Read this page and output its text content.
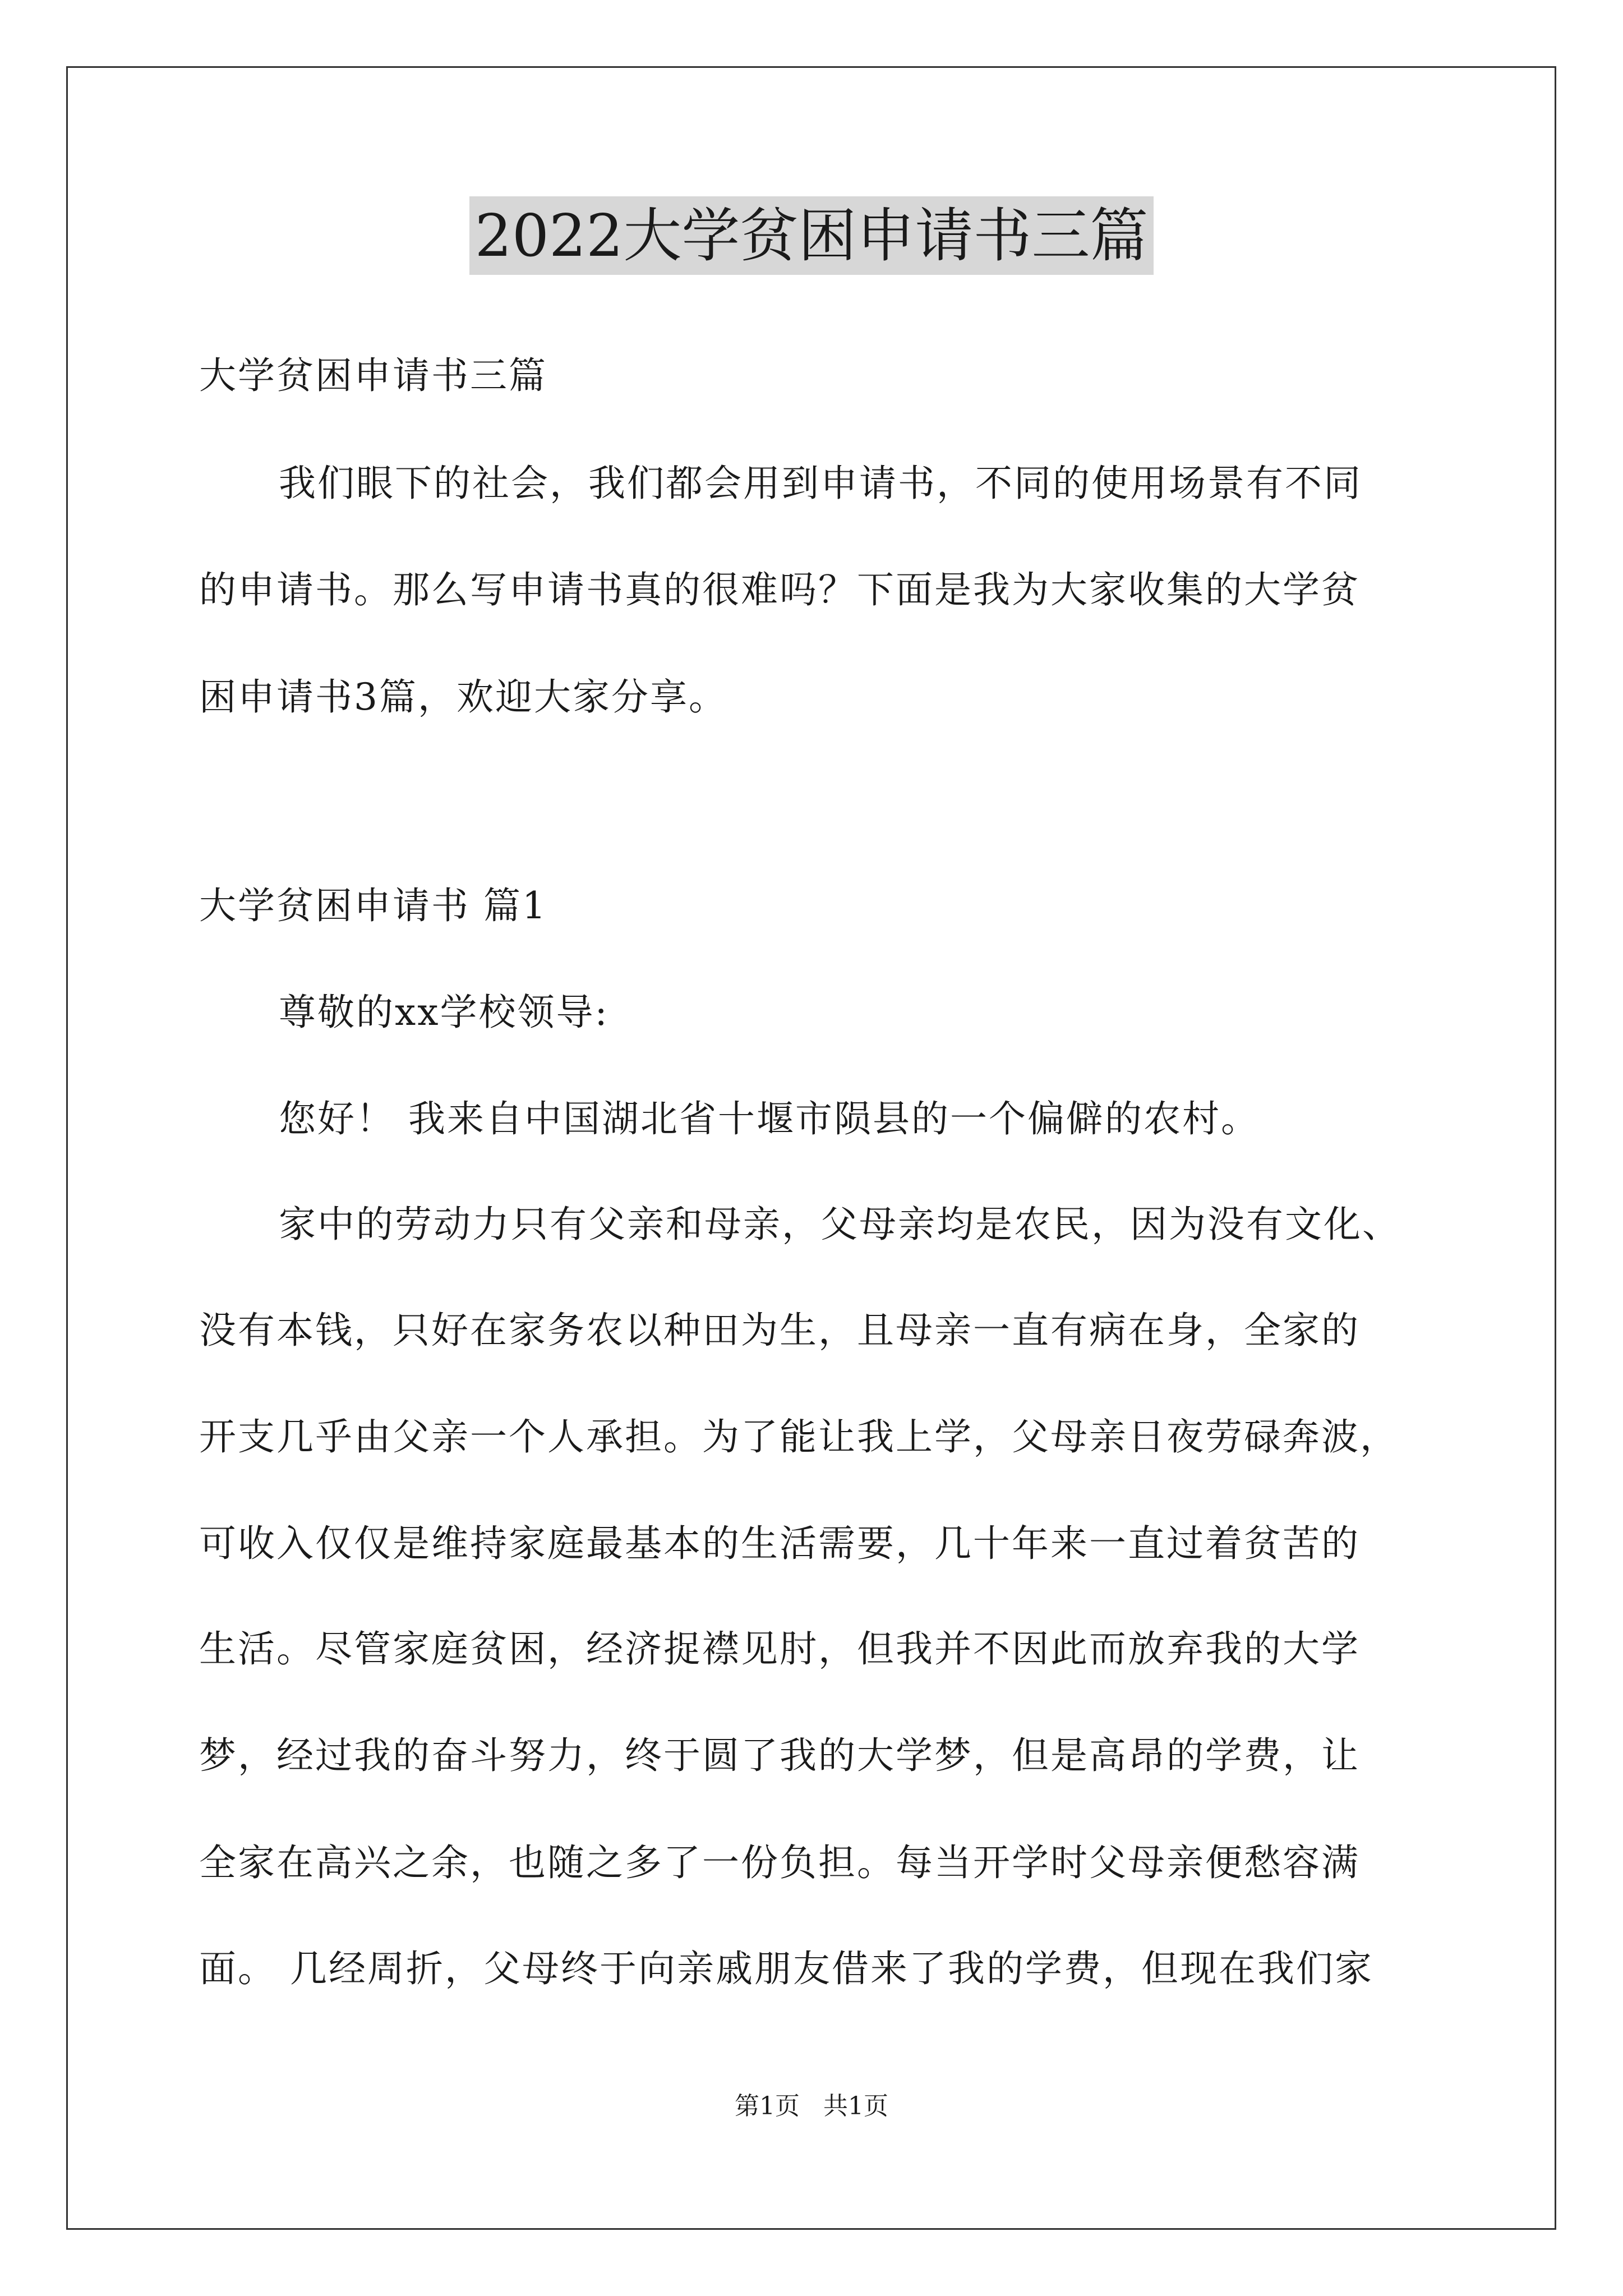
2022大学贫困申请书三篇
大学贫困申请书三篇
我们眼下的社会，我们都会用到申请书，不同的使用场景有不同
的申请书。那么写申请书真的很难吗？下面是我为大家收集的大学贫
困申请书3篇，欢迎大家分享。
大学贫困申请书 篇1
尊敬的xx学校领导:
您好！ 我来自中国湖北省十堰市陨县的一个偏僻的农村。
家中的劳动力只有父亲和母亲，父母亲均是农民，因为没有文化、
没有本钱，只好在家务农以种田为生，且母亲一直有病在身，全家的
开支几乎由父亲一个人承担。为了能让我上学，父母亲日夜劳碌奔波，
可收入仅仅是维持家庭最基本的生活需要，几十年来一直过着贫苦的
生活。尽管家庭贫困，经济捉襟见肘，但我并不因此而放弃我的大学
梦，经过我的奋斗努力，终于圆了我的大学梦，但是高昂的学费，让
全家在高兴之余，也随之多了一份负担。每当开学时父母亲便愁容满
面。 几经周折，父母终于向亲戚朋友借来了我的学费，但现在我们家
第1页   共1页
